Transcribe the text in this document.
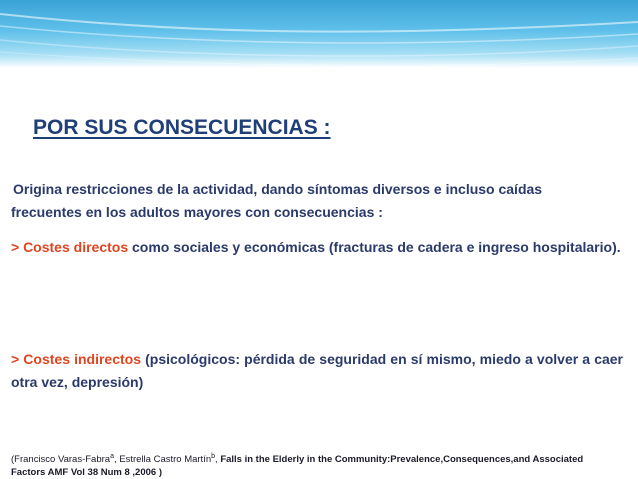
POR SUS CONSECUENCIAS :
Origina restricciones de la actividad, dando síntomas diversos e incluso caídas
frecuentes en los adultos mayores con consecuencias :
> Costes directos como sociales y económicas (fracturas de cadera e ingreso hospitalario).
> Costes indirectos (psicológicos: pérdida de seguridad en sí mismo, miedo a volver a caer otra vez, depresión)
(Francisco Varas-Fabra$^a$, Estrella Castro Martín$^b$, Falls in the Elderly in the Community:Prevalence,Consequences,and Associated
Factors AMF Vol 38 Num 8 ,2006 )
